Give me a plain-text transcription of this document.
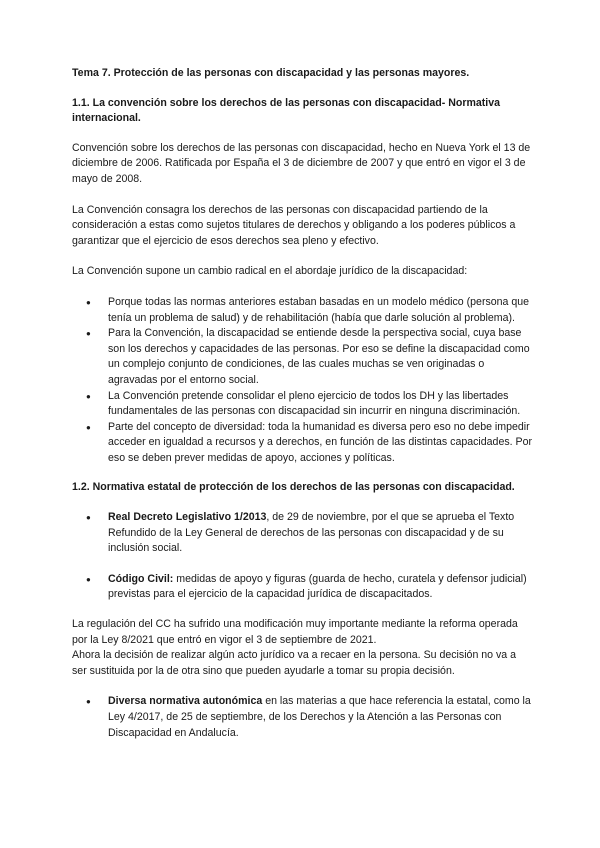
Tema 7. Protección de las personas con discapacidad y las personas mayores.

1.1. La convención sobre los derechos de las personas con discapacidad- Normativa internacional.

Convención sobre los derechos de las personas con discapacidad, hecho en Nueva York el 13 de diciembre de 2006. Ratificada por España el 3 de diciembre de 2007 y que entró en vigor el 3 de mayo de 2008.

La Convención consagra los derechos de las personas con discapacidad partiendo de la consideración a estas como sujetos titulares de derechos y obligando a los poderes públicos a garantizar que el ejercicio de esos derechos sea pleno y efectivo.

La Convención supone un cambio radical en el abordaje jurídico de la discapacidad:

● Porque todas las normas anteriores estaban basadas en un modelo médico (persona que tenía un problema de salud) y de rehabilitación (había que darle solución al problema).
● Para la Convención, la discapacidad se entiende desde la perspectiva social, cuya base son los derechos y capacidades de las personas. Por eso se define la discapacidad como un complejo conjunto de condiciones, de las cuales muchas se ven originadas o agravadas por el entorno social.
● La Convención pretende consolidar el pleno ejercicio de todos los DH y las libertades fundamentales de las personas con discapacidad sin incurrir en ninguna discriminación.
● Parte del concepto de diversidad: toda la humanidad es diversa pero eso no debe impedir acceder en igualdad a recursos y a derechos, en función de las distintas capacidades. Por eso se deben prever medidas de apoyo, acciones y políticas.

1.2. Normativa estatal de protección de los derechos de las personas con discapacidad.

● Real Decreto Legislativo 1/2013, de 29 de noviembre, por el que se aprueba el Texto Refundido de la Ley General de derechos de las personas con discapacidad y de su inclusión social.
● Código Civil: medidas de apoyo y figuras (guarda de hecho, curatela y defensor judicial) previstas para el ejercicio de la capacidad jurídica de discapacitados.

La regulación del CC ha sufrido una modificación muy importante mediante la reforma operada por la Ley 8/2021 que entró en vigor el 3 de septiembre de 2021.

Ahora la decisión de realizar algún acto jurídico va a recaer en la persona. Su decisión no va a ser sustituida por la de otra sino que pueden ayudarle a tomar su propia decisión.

● Diversa normativa autonómica en las materias a que hace referencia la estatal, como la Ley 4/2017, de 25 de septiembre, de los Derechos y la Atención a las Personas con Discapacidad en Andalucía.
